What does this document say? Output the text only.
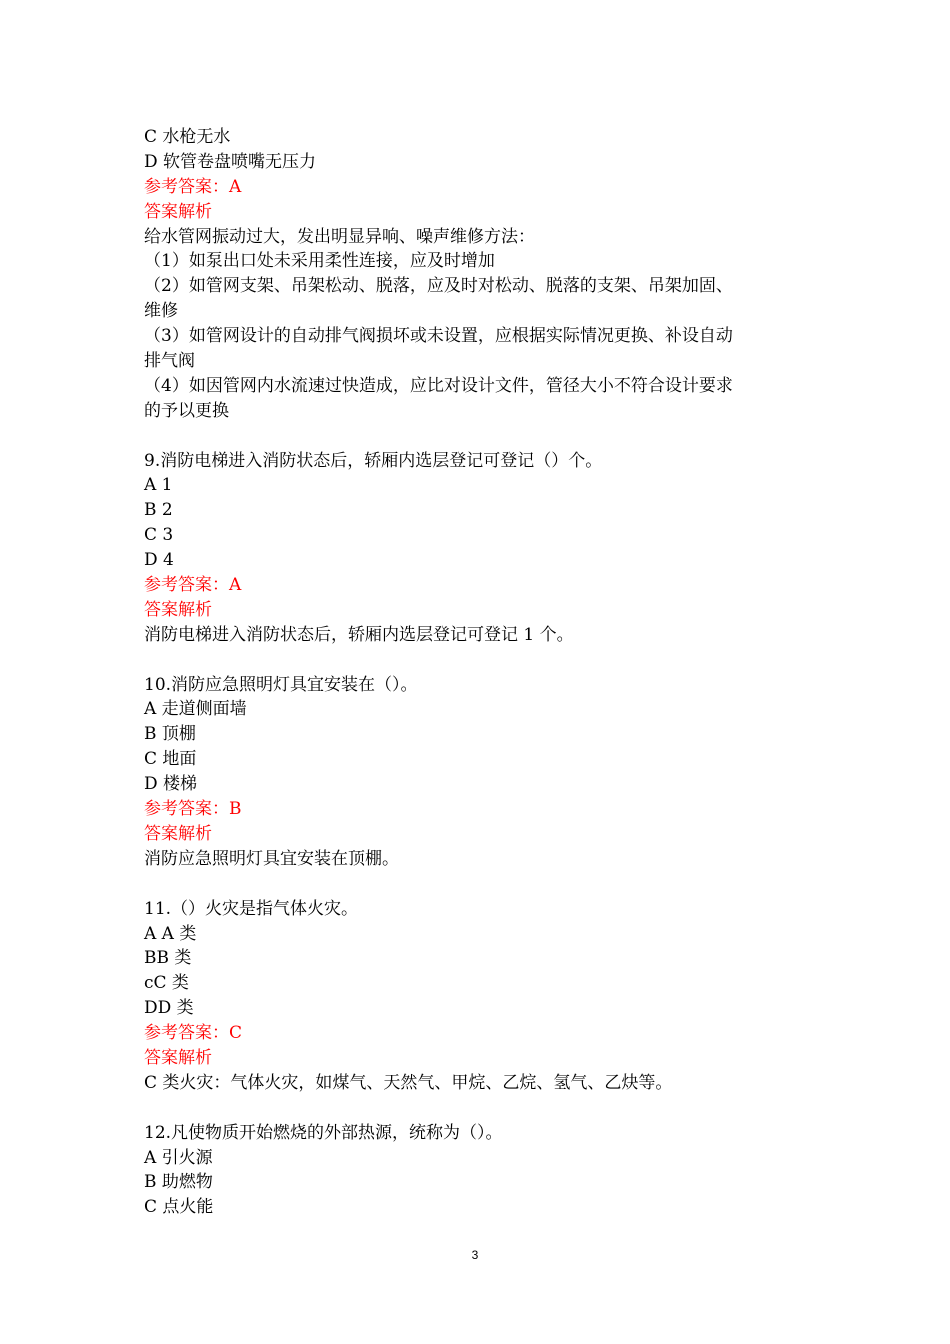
C 水枪无水
D 软管卷盘喷嘴无压力
参考答案：A
答案解析
给水管网振动过大，发出明显异响、噪声维修方法：
（1）如泵出口处未采用柔性连接，应及时增加
（2）如管网支架、吊架松动、脱落，应及时对松动、脱落的支架、吊架加固、
维修
（3）如管网设计的自动排气阀损坏或未设置，应根据实际情况更换、补设自动
排气阀
（4）如因管网内水流速过快造成，应比对设计文件，管径大小不符合设计要求
的予以更换
9.消防电梯进入消防状态后，轿厢内选层登记可登记（）个。
A 1
B 2
C 3
D 4
参考答案：A
答案解析
消防电梯进入消防状态后，轿厢内选层登记可登记 1 个。
10.消防应急照明灯具宜安装在（）。
A 走道侧面墙
B 顶棚
C 地面
D 楼梯
参考答案：B
答案解析
消防应急照明灯具宜安装在顶棚。
11.（）火灾是指气体火灾。
A A 类
BB 类
cC 类
DD 类
参考答案：C
答案解析
C 类火灾：气体火灾，如煤气、天然气、甲烷、乙烷、氢气、乙炔等。
12.凡使物质开始燃烧的外部热源，统称为（）。
A 引火源
B 助燃物
C 点火能
3
